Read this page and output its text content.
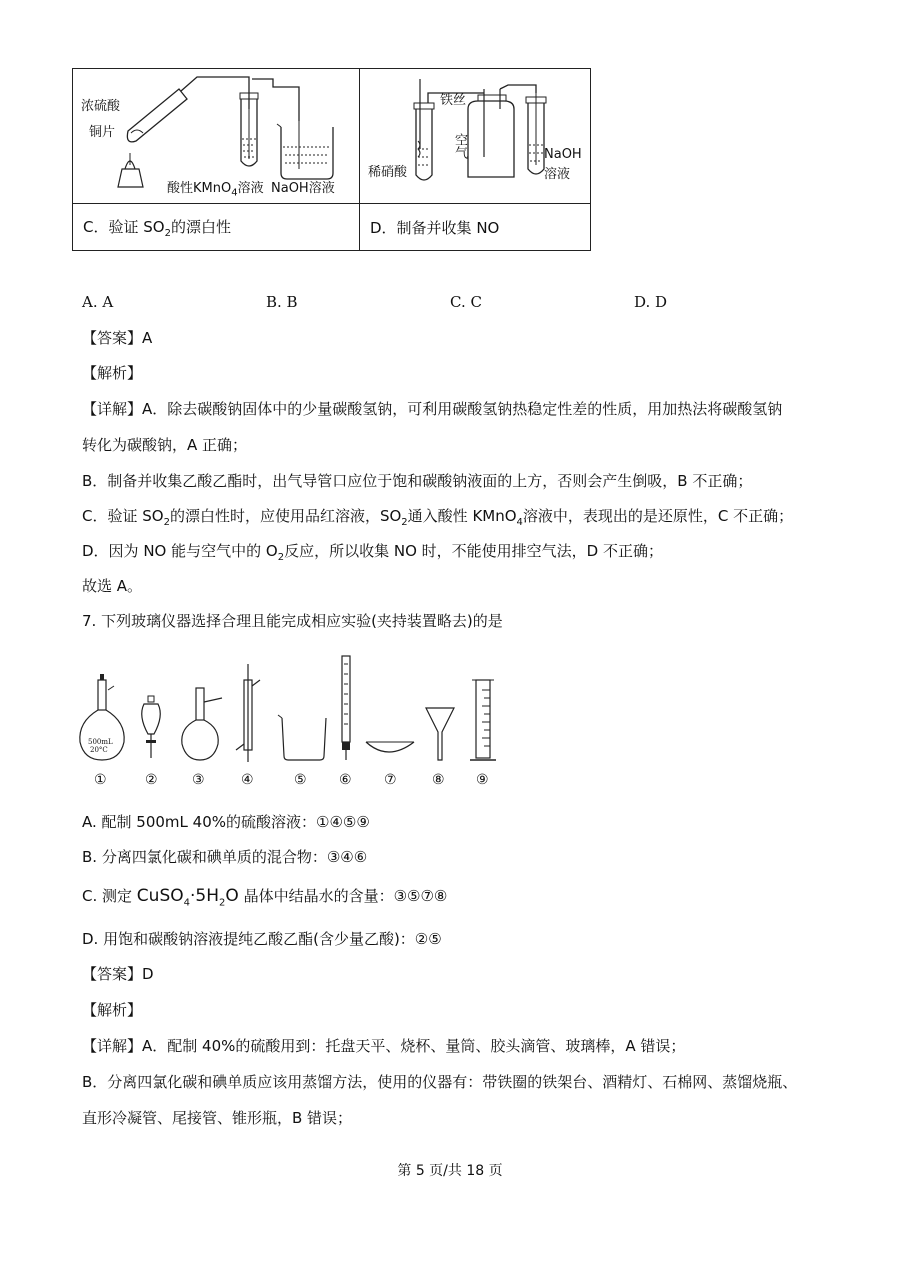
浓硫酸
铜片
酸性KMnO$_4$溶液 NaOH溶液	铁丝
空气
稀硝酸
NaOH
溶液

C．验证 $SO_2$的漂白性	D．制备并收集 NO
A. A	B. B	C. C	D. D
【答案】A
【解析】
【详解】A．除去碳酸钠固体中的少量碳酸氢钠，可利用碳酸氢钠热稳定性差的性质，用加热法将碳酸氢钠
转化为碳酸钠，A 正确；
B．制备并收集乙酸乙酯时，出气导管口应位于饱和碳酸钠液面的上方，否则会产生倒吸，B 不正确；
C．验证 $SO_2$的漂白性时，应使用品红溶液，$SO_2$通入酸性 KMnO$_4$溶液中，表现出的是还原性，C 不正确；
D．因为 NO 能与空气中的 $O_2$反应，所以收集 NO 时，不能使用排空气法，D 不正确；
故选 A。
7. 下列玻璃仪器选择合理且能完成相应实验(夹持装置略去)的是
500mL
20°C
①	② ③	④	⑤ ⑥ ⑦	⑧ ⑨
A. 配制 500mL 40%的硫酸溶液：①④⑤⑨
B. 分离四氯化碳和碘单质的混合物：③④⑥
C. 测定 $CuSO_4\cdot 5H_2O$ 晶体中结晶水的含量：③⑤⑦⑧
D. 用饱和碳酸钠溶液提纯乙酸乙酯(含少量乙酸)：②⑤
【答案】D
【解析】
【详解】A．配制 40%的硫酸用到：托盘天平、烧杯、量筒、胶头滴管、玻璃棒，A 错误；
B．分离四氯化碳和碘单质应该用蒸馏方法，使用的仪器有：带铁圈的铁架台、酒精灯、石棉网、蒸馏烧瓶、
直形冷凝管、尾接管、锥形瓶，B 错误；
第 5 页/共 18 页
